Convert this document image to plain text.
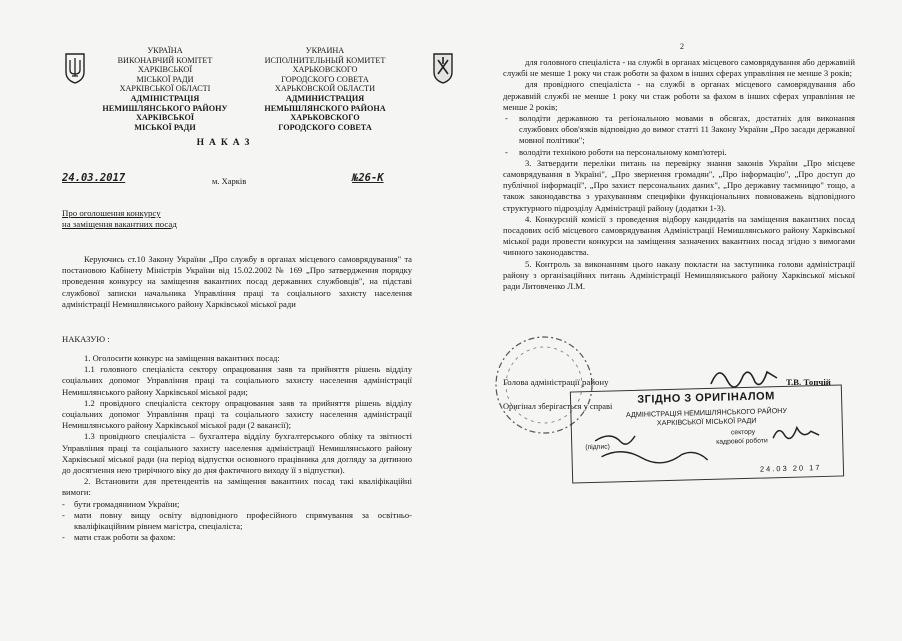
УКРАЇНА
ВИКОНАВЧИЙ КОМІТЕТ
ХАРКІВСЬКОЇ
МІСЬКОЇ РАДИ
ХАРКІВСЬКОЇ ОБЛАСТІ
АДМІНІСТРАЦІЯ
НЕМИШЛЯНСЬКОГО РАЙОНУ
ХАРКІВСЬКОЇ
МІСЬКОЇ РАДИ
УКРАИНА
ИСПОЛНИТЕЛЬНЫЙ КОМИТЕТ
ХАРЬКОВСКОГО
ГОРОДСКОГО СОВЕТА
ХАРЬКОВСКОЙ ОБЛАСТИ
АДМИНИСТРАЦИЯ
НЕМЫШЛЯНСКОГО РАЙОНА
ХАРЬКОВСКОГО
ГОРОДСКОГО СОВЕТА
НАКАЗ
24.03.2017	м. Харків	№26-К
Про оголошення конкурсу
на заміщення вакантних посад
Керуючись ст.10 Закону України „Про службу в органах місцевого самоврядування" та постановою Кабінету Міністрів України від 15.02.2002 № 169 „Про затвердження порядку проведення конкурсу на заміщення вакантних посад державних службовців", на підставі службової записки начальника Управління праці та соціального захисту населення адміністрації Немишлянського району Харківської міської ради
НАКАЗУЮ :

1. Оголосити конкурс на заміщення вакантних посад:

1.1 головного спеціаліста сектору опрацювання заяв та прийняття рішень відділу соціальних допомог Управління праці та соціального захисту населення адміністрації Немишлянського району Харківської міської ради;

1.2 провідного спеціаліста сектору опрацювання заяв та прийняття рішень відділу соціальних допомог Управління праці та соціального захисту населення адміністрації Немишлянського району Харківської міської ради (2 вакансії);

1.3 провідного спеціаліста – бухгалтера відділу бухгалтерського обліку та звітності Управління праці та соціального захисту населення адміністрації Немишлянського району Харківської міської ради (на період відпустки основного працівника для догляду за дитиною до досягнення нею трирічного віку до дня фактичного виходу її з відпустки).

2. Встановити для претендентів на заміщення вакантних посад такі кваліфікаційні вимоги:

- бути громадянином України;
- мати повну вищу освіту відповідного професійного спрямування за освітньо-кваліфікаційним рівнем магістра, спеціаліста;
- мати стаж роботи за фахом:
2

для головного спеціаліста - на службі в органах місцевого самоврядування або державній службі не менше 1 року чи стаж роботи за фахом в інших сферах управління не менше 3 років;

для провідного спеціаліста - на службі в органах місцевого самоврядування або державній службі не менше 1 року чи стаж роботи за фахом в інших сферах управління не менше 2 років;

- володіти державною та регіональною мовами в обсягах, достатніх для виконання службових обов'язків відповідно до вимог статті 11 Закону України „Про засади державної мовної політики";
- володіти технікою роботи на персональному комп'ютері.

3. Затвердити переліки питань на перевірку знання законів України „Про місцеве самоврядування в Україні", „Про звернення громадян", „Про інформацію", „Про доступ до публічної інформації", „Про захист персональних даних", „Про державну таємницю" тощо, а також законодавства з урахуванням специфіки функціональних повноважень відповідного структурного підрозділу Адміністрації району (додатки 1-3).

4. Конкурсній комісії з проведення відбору кандидатів на заміщення вакантних посад посадових осіб місцевого самоврядування Адміністрації Немишлянського району Харківської міської ради провести конкурси на заміщення зазначених вакантних посад згідно з вимогами чинного законодавства.

5. Контроль за виконанням цього наказу покласти на заступника голови адміністрації району з організаційних питань Адміністрації Немишлянського району Харківської міської ради Литовченко Л.М.

Голова адміністрації району	Т.В. Топчій
Оригінал зберігається у справі
ЗГІДНО З ОРИГІНАЛОМ
АДМІНІСТРАЦІЯ НЕМИШЛЯНСЬКОГО РАЙОНУ
ХАРКІВСЬКОЇ МІСЬКОЇ РАДИ
сектору
кадрової роботи
(підпис)
24.03 20 17
